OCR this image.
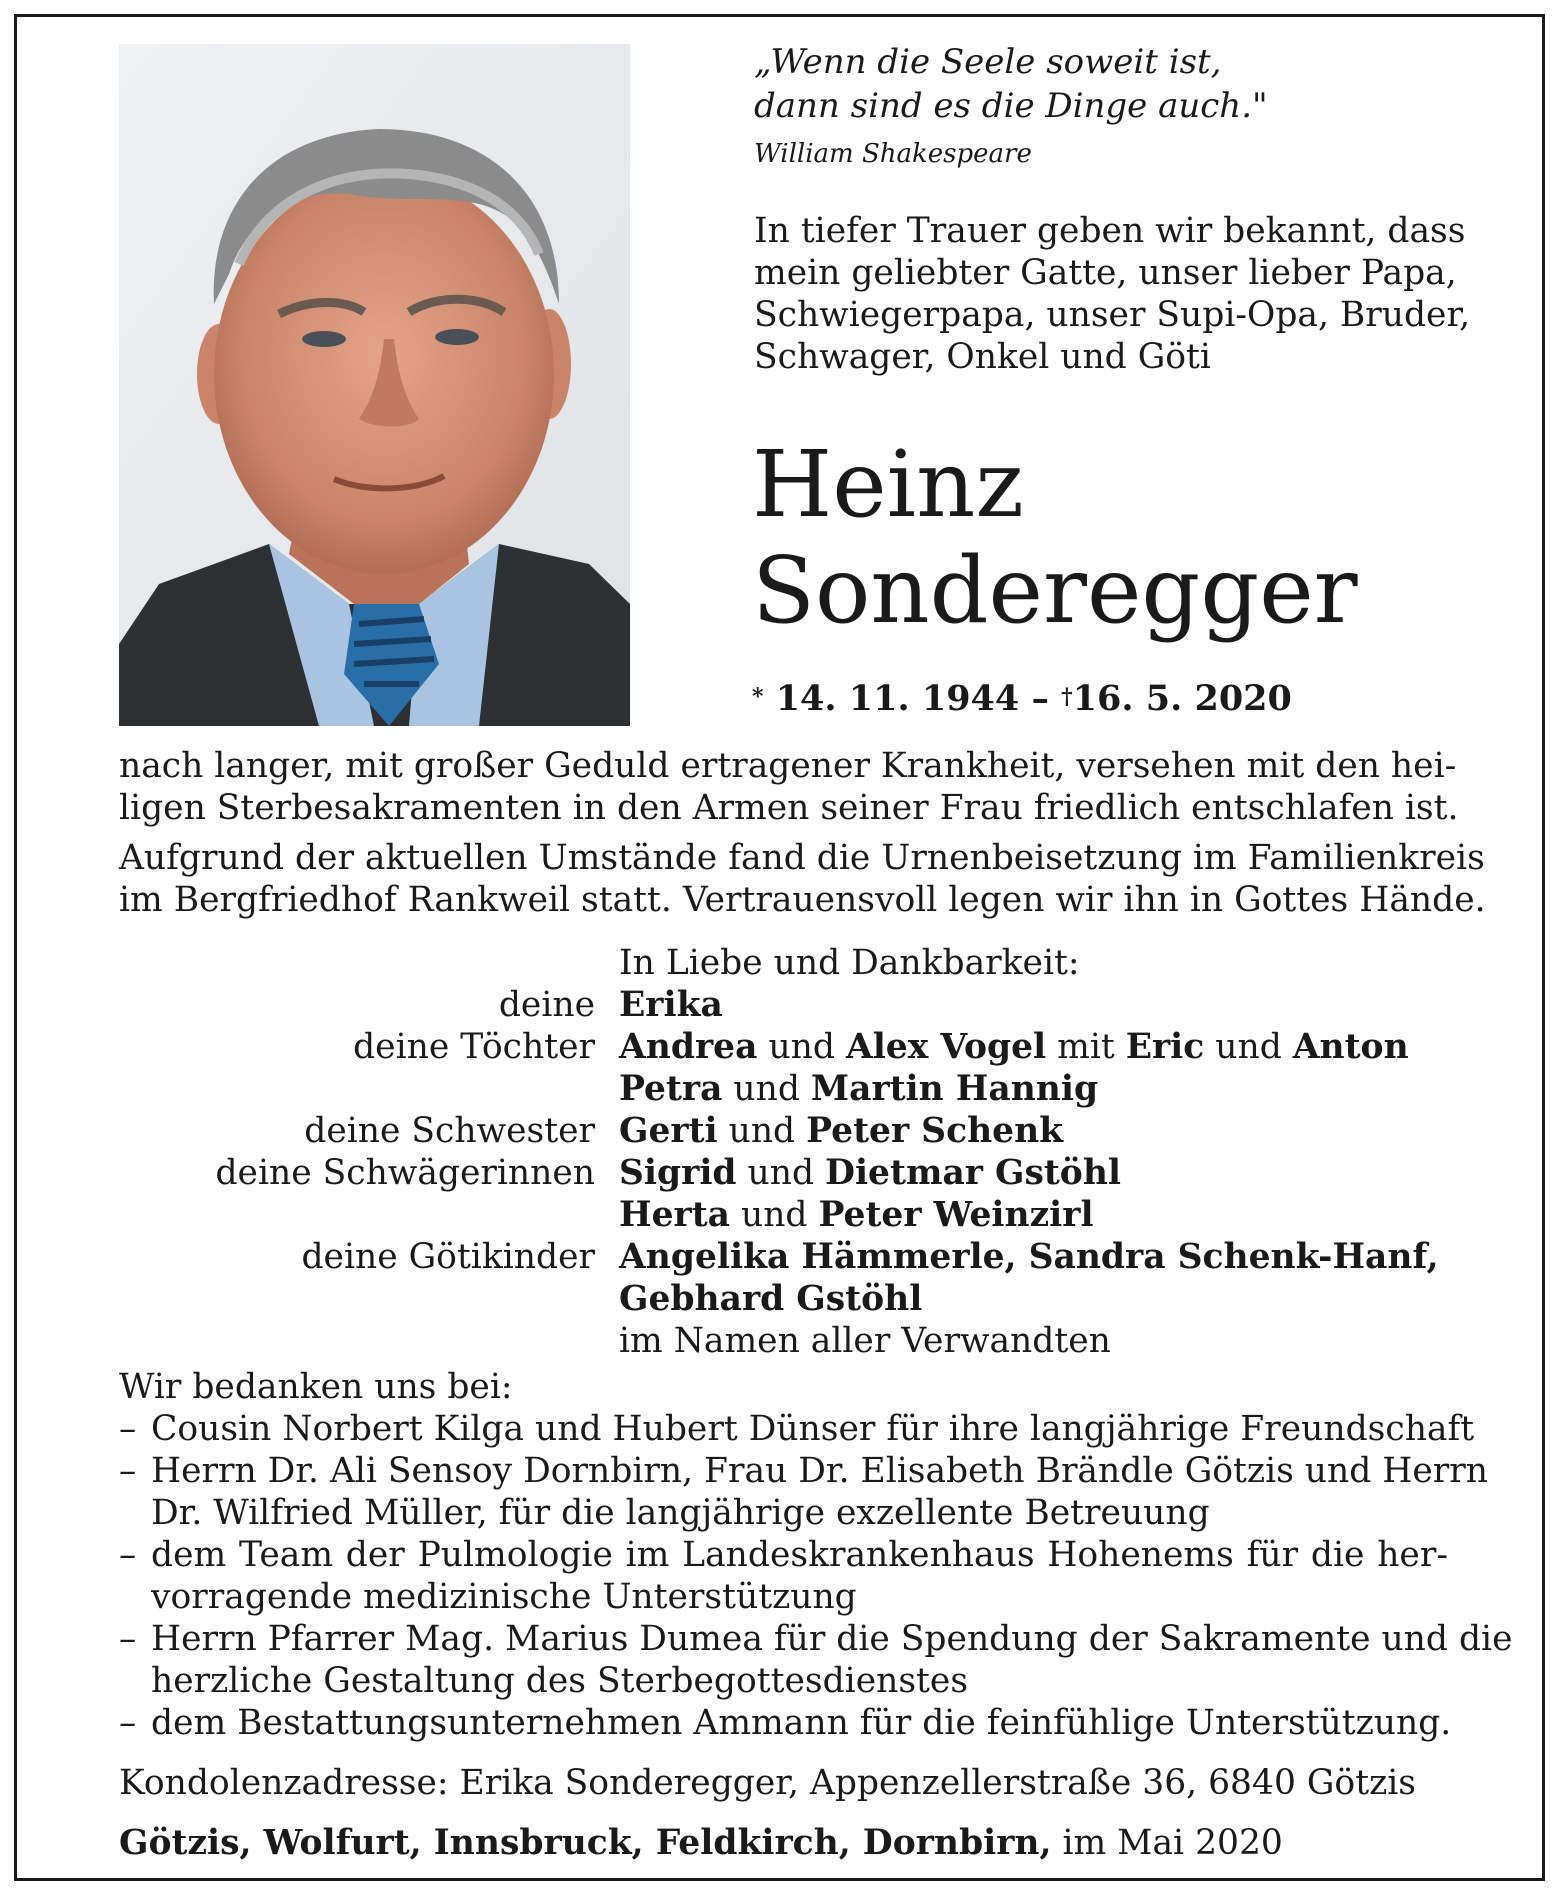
„Wenn die Seele soweit ist,
dann sind es die Dinge auch."
William Shakespeare
In tiefer Trauer geben wir bekannt, dass
mein geliebter Gatte, unser lieber Papa,
Schwiegerpapa, unser Supi-Opa, Bruder,
Schwager, Onkel und Göti
Heinz
Sonderegger
* 14. 11. 1944 – †16. 5. 2020
nach langer, mit großer Geduld ertragener Krankheit, versehen mit den hei-
ligen Sterbesakramenten in den Armen seiner Frau friedlich entschlafen ist.
Aufgrund der aktuellen Umstände fand die Urnenbeisetzung im Familienkreis
im Bergfriedhof Rankweil statt. Vertrauensvoll legen wir ihn in Gottes Hände.
In Liebe und Dankbarkeit:
deine Erika
deine Töchter Andrea und Alex Vogel mit Eric und Anton
Petra und Martin Hannig
deine Schwester Gerti und Peter Schenk
deine Schwägerinnen Sigrid und Dietmar Gstöhl
Herta und Peter Weinzirl
deine Götikinder Angelika Hämmerle, Sandra Schenk-Hanf,
Gebhard Gstöhl
im Namen aller Verwandten
Wir bedanken uns bei:
– Cousin Norbert Kilga und Hubert Dünser für ihre langjährige Freundschaft
– Herrn Dr. Ali Sensoy Dornbirn, Frau Dr. Elisabeth Brändle Götzis und Herrn
Dr. Wilfried Müller, für die langjährige exzellente Betreuung
– dem Team der Pulmologie im Landeskrankenhaus Hohenems für die her-
vorragende medizinische Unterstützung
– Herrn Pfarrer Mag. Marius Dumea für die Spendung der Sakramente und die
herzliche Gestaltung des Sterbegottesdienstes
– dem Bestattungsunternehmen Ammann für die feinfühlige Unterstützung.
Kondolenzadresse: Erika Sonderegger, Appenzellerstraße 36, 6840 Götzis
Götzis, Wolfurt, Innsbruck, Feldkirch, Dornbirn, im Mai 2020
